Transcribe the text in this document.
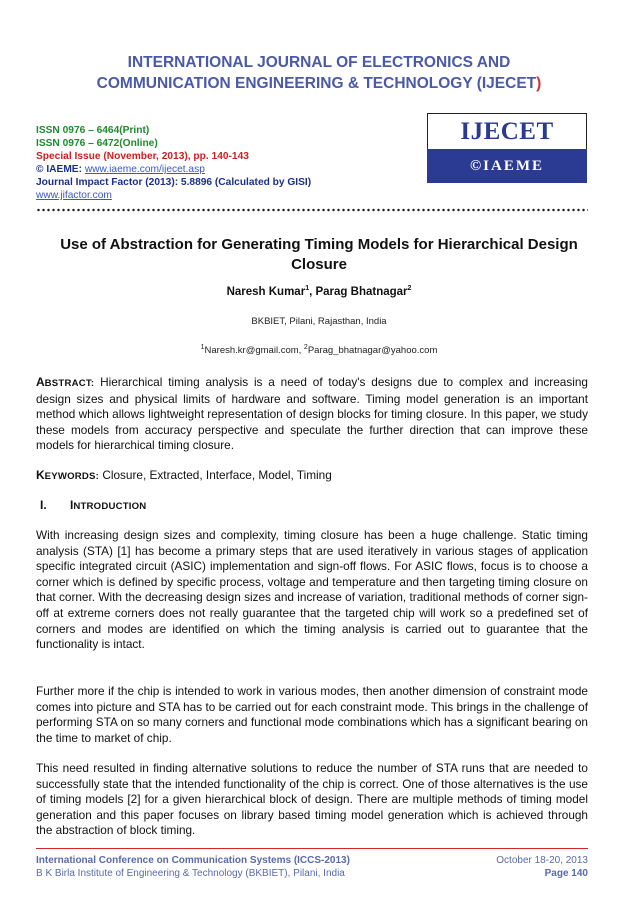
INTERNATIONAL JOURNAL OF ELECTRONICS AND
COMMUNICATION ENGINEERING & TECHNOLOGY (IJECET)
ISSN 0976 – 6464(Print)
ISSN 0976 – 6472(Online)
Special Issue (November, 2013), pp. 140-143
© IAEME: www.iaeme.com/ijecet.asp
Journal Impact Factor (2013): 5.8896 (Calculated by GISI)
www.jifactor.com
IJECET
©IAEME
Use of Abstraction for Generating Timing Models for Hierarchical Design Closure
Naresh Kumar$^1$, Parag Bhatnagar$^2$
BKBIET, Pilani, Rajasthan, India
$^1$Naresh.kr@gmail.com, $^2$Parag_bhatnagar@yahoo.com
ABSTRACT: Hierarchical timing analysis is a need of today's designs due to complex and increasing design sizes and physical limits of hardware and software. Timing model generation is an important method which allows lightweight representation of design blocks for timing closure. In this paper, we study these models from accuracy perspective and speculate the further direction that can improve these models for hierarchical timing closure.
KEYWORDS: Closure, Extracted, Interface, Model, Timing
I. INTRODUCTION
With increasing design sizes and complexity, timing closure has been a huge challenge. Static timing analysis (STA) [1] has become a primary steps that are used iteratively in various stages of application specific integrated circuit (ASIC) implementation and sign-off flows. For ASIC flows, focus is to choose a corner which is defined by specific process, voltage and temperature and then targeting timing closure on that corner. With the decreasing design sizes and increase of variation, traditional methods of corner sign-off at extreme corners does not really guarantee that the targeted chip will work so a predefined set of corners and modes are identified on which the timing analysis is carried out to guarantee that the functionality is intact.
Further more if the chip is intended to work in various modes, then another dimension of constraint mode comes into picture and STA has to be carried out for each constraint mode. This brings in the challenge of performing STA on so many corners and functional mode combinations which has a significant bearing on the time to market of chip.
This need resulted in finding alternative solutions to reduce the number of STA runs that are needed to successfully state that the intended functionality of the chip is correct. One of those alternatives is the use of timing models [2] for a given hierarchical block of design. There are multiple methods of timing model generation and this paper focuses on library based timing model generation which is achieved through the abstraction of block timing.
International Conference on Communication Systems (ICCS-2013)
B K Birla Institute of Engineering & Technology (BKBIET), Pilani, India
October 18-20, 2013
Page 140
